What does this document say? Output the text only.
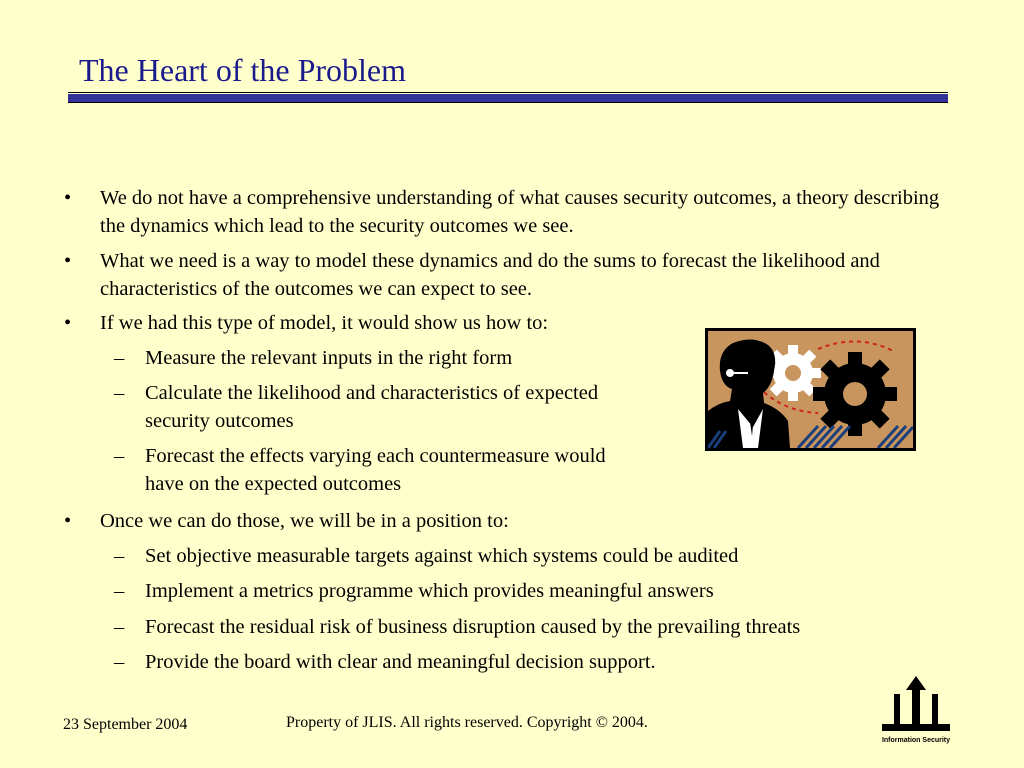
The Heart of the Problem
• We do not have a comprehensive understanding of what causes security outcomes, a theory describing the dynamics which lead to the security outcomes we see.
• What we need is a way to model these dynamics and do the sums to forecast the likelihood and characteristics of the outcomes we can expect to see.
• If we had this type of model, it would show us how to:
– Measure the relevant inputs in the right form
– Calculate the likelihood and characteristics of expected security outcomes
– Forecast the effects varying each countermeasure would have on the expected outcomes
• Once we can do those, we will be in a position to:
– Set objective measurable targets against which systems could be audited
– Implement a metrics programme which provides meaningful answers
– Forecast the residual risk of business disruption caused by the prevailing threats
– Provide the board with clear and meaningful decision support.
23 September 2004	Property of JLIS. All rights reserved. Copyright © 2004.
Information Security
